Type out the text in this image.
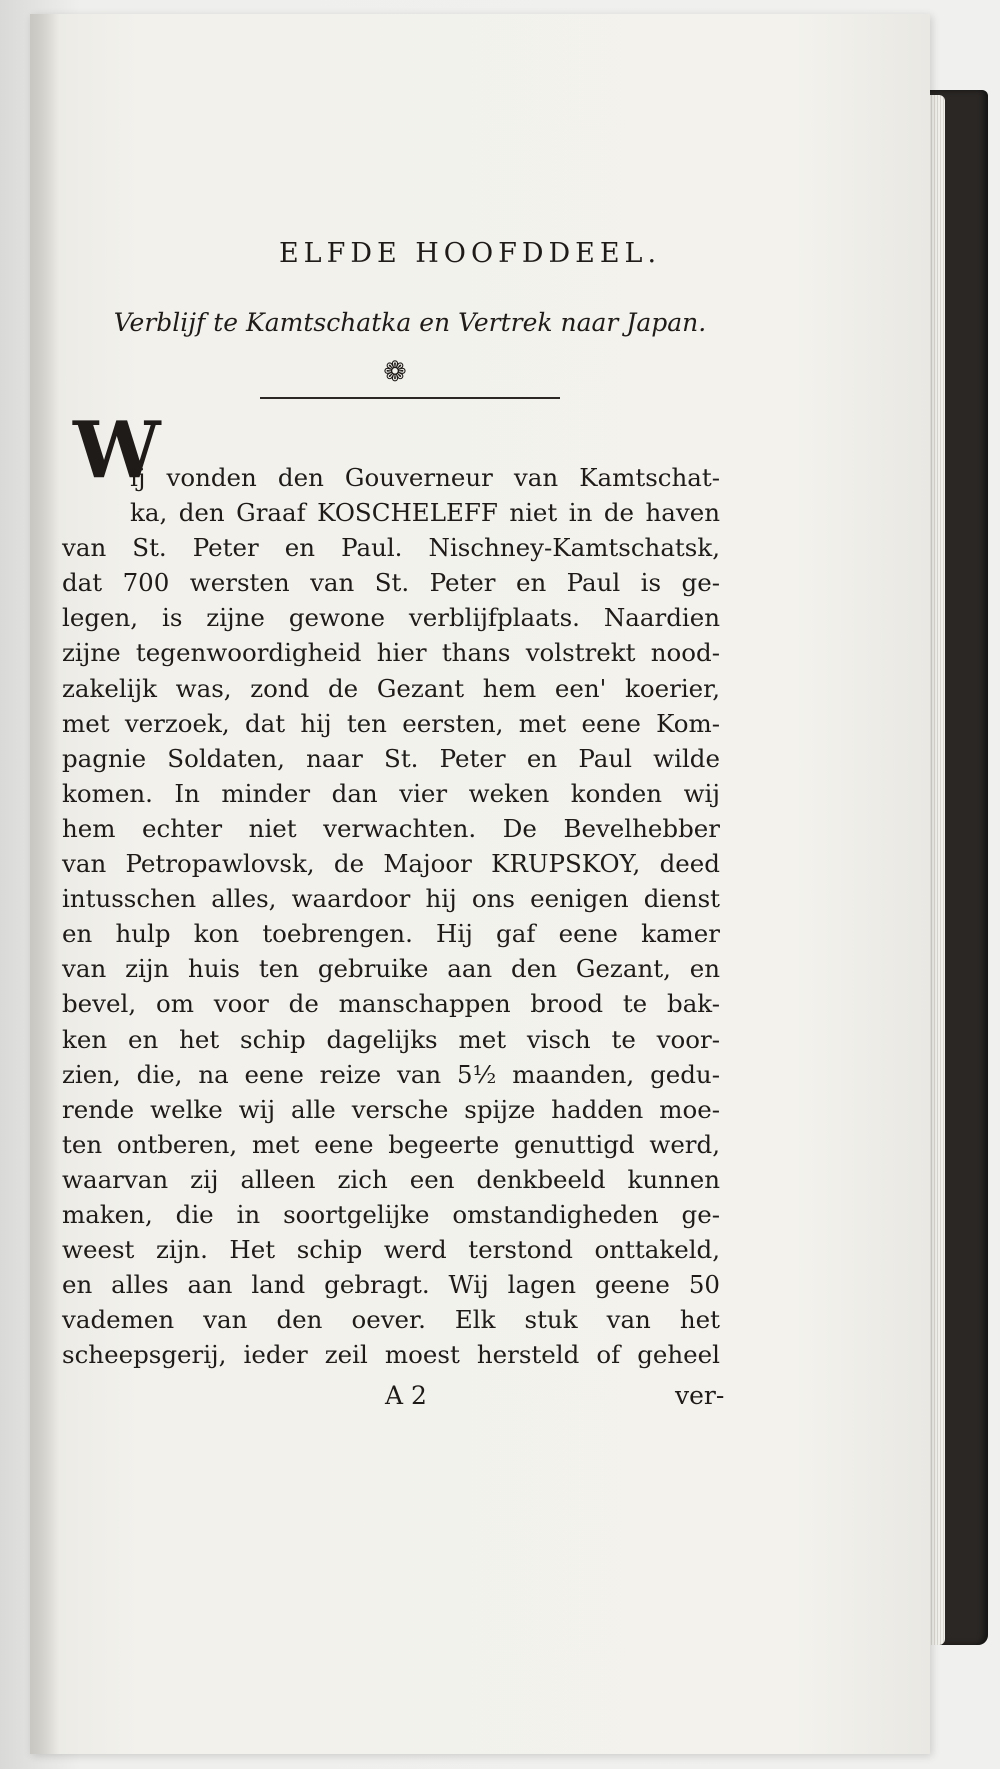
ELFDE HOOFDDEEL.

Verblijf te Kamtschatka en Vertrek naar Japan.

❁
W
ij vonden den Gouverneur van Kamtschat-
ka, den Graaf KOSCHELEFF niet in de haven
van St. Peter en Paul. Nischney-Kamtschatsk,
dat 700 wersten van St. Peter en Paul is ge-
legen, is zijne gewone verblijfplaats. Naardien
zijne tegenwoordigheid hier thans volstrekt nood-
zakelijk was, zond de Gezant hem een' koerier,
met verzoek, dat hij ten eersten, met eene Kom-
pagnie Soldaten, naar St. Peter en Paul wilde
komen. In minder dan vier weken konden wij
hem echter niet verwachten. De Bevelhebber
van Petropawlovsk, de Majoor KRUPSKOY, deed
intusschen alles, waardoor hij ons eenigen dienst
en hulp kon toebrengen. Hij gaf eene kamer
van zijn huis ten gebruike aan den Gezant, en
bevel, om voor de manschappen brood te bak-
ken en het schip dagelijks met visch te voor-
zien, die, na eene reize van 5½ maanden, gedu-
rende welke wij alle versche spijze hadden moe-
ten ontberen, met eene begeerte genuttigd werd,
waarvan zij alleen zich een denkbeeld kunnen
maken, die in soortgelijke omstandigheden ge-
weest zijn. Het schip werd terstond onttakeld,
en alles aan land gebragt. Wij lagen geene 50
vademen van den oever. Elk stuk van het
scheepsgerij, ieder zeil moest hersteld of geheel
A 2	ver-
